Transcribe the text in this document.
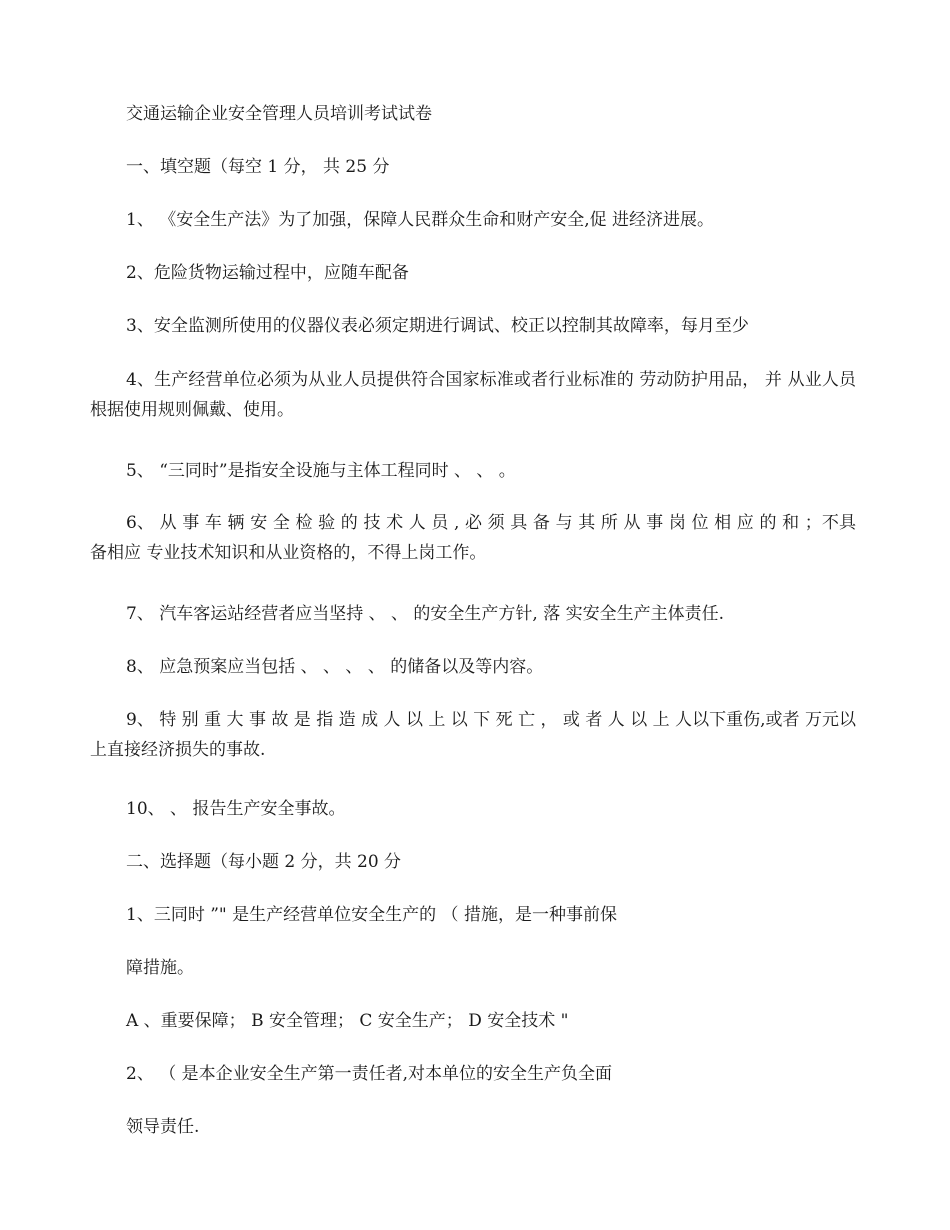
交通运输企业安全管理人员培训考试试卷
一、填空题（每空 1 分， 共 25 分
1、 《安全生产法》为了加强，保障人民群众生命和财产安全,促 进经济进展。
2、危险货物运输过程中，应随车配备
3、安全监测所使用的仪器仪表必须定期进行调试、校正以控制其故障率，每月至少
4、生产经营单位必须为从业人员提供符合国家标准或者行业标准的 劳动防护用品， 并 从业人员根据使用规则佩戴、使用。
5、 “三同时”是指安全设施与主体工程同时 、 、 。
6、 从 事 车 辆 安 全 检 验 的 技 术 人 员 , 必 须 具 备 与 其 所 从 事 岗 位 相 应 的 和 ；不具备相应 专业技术知识和从业资格的，不得上岗工作。
7、 汽车客运站经营者应当坚持 、 、 的安全生产方针, 落 实安全生产主体责任.
8、 应急预案应当包括 、 、 、 、 的储备以及等内容。
9、 特 别 重 大 事 故 是 指 造 成 人 以 上 以 下 死 亡 ， 或 者 人 以 上 人以下重伤,或者 万元以上直接经济损失的事故.
10、 、 报告生产安全事故。
二、选择题（每小题 2 分，共 20 分
1、三同时 ”" 是生产经营单位安全生产的 （ 措施，是一种事前保
障措施。
A 、重要保障； B 安全管理； C 安全生产； D 安全技术 "
2、 （ 是本企业安全生产第一责任者,对本单位的安全生产负全面
领导责任.
